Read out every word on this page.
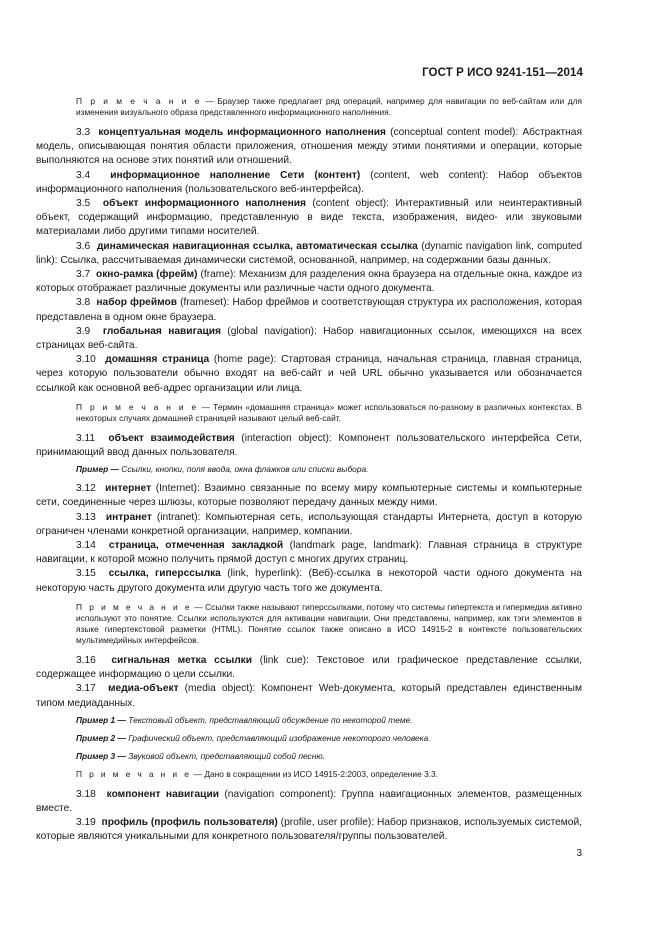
ГОСТ Р ИСО 9241-151—2014

П р и м е ч а н и е — Браузер также предлагает ряд операций, например для навигации по веб-сайтам или для изменения визуального образа представленного информационного наполнения.

3.3 концептуальная модель информационного наполнения (conceptual content model): Абстрактная модель, описывающая понятия области приложения, отношения между этими понятиями и операции, которые выполняются на основе этих понятий или отношений.

3.4 информационное наполнение Сети (контент) (content, web content): Набор объектов информационного наполнения (пользовательского веб-интерфейса).

3.5 объект информационного наполнения (content object): Интерактивный или неинтерактивный объект, содержащий информацию, представленную в виде текста, изображения, видео- или звуковыми материалами либо другими типами носителей.

3.6 динамическая навигационная ссылка, автоматическая ссылка (dynamic navigation link, computed link): Ссылка, рассчитываемая динамически системой, основанной, например, на содержании базы данных.

3.7 окно-рамка (фрейм) (frame): Механизм для разделения окна браузера на отдельные окна, каждое из которых отображает различные документы или различные части одного документа.

3.8 набор фреймов (frameset): Набор фреймов и соответствующая структура их расположения, которая представлена в одном окне браузера.

3.9 глобальная навигация (global navigation): Набор навигационных ссылок, имеющихся на всех страницах веб-сайта.

3.10 домашняя страница (home page): Стартовая страница, начальная страница, главная страница, через которую пользователи обычно входят на веб-сайт и чей URL обычно указывается или обозначается ссылкой как основной веб-адрес организации или лица.

П р и м е ч а н и е — Термин «домашняя страница» может использоваться по-разному в различных контекстах. В некоторых случаях домашней страницей называют целый веб-сайт.

3.11 объект взаимодействия (interaction object): Компонент пользовательского интерфейса Сети, принимающий ввод данных пользователя.

Пример — Ссылки, кнопки, поля ввода, окна флажков или списки выбора.

3.12 интернет (Internet): Взаимно связанные по всему миру компьютерные системы и компьютерные сети, соединенные через шлюзы, которые позволяют передачу данных между ними.

3.13 интранет (intranet): Компьютерная сеть, использующая стандарты Интернета, доступ в которую ограничен членами конкретной организации, например, компании.

3.14 страница, отмеченная закладкой (landmark page, landmark): Главная страница в структуре навигации, к которой можно получить прямой доступ с многих других страниц.

3.15 ссылка, гиперссылка (link, hyperlink): (Веб)-ссылка в некоторой части одного документа на некоторую часть другого документа или другую часть того же документа.

П р и м е ч а н и е — Ссылки также называют гиперссылками, потому что системы гипертекста и гипермедиа активно используют это понятие. Ссылки используются для активации навигации. Они представлены, например, как тэги элементов в языке гипертекстовой разметки (HTML). Понятие ссылок также описано в ИСО 14915-2 в контексте пользовательских мультимедийных интерфейсов.

3.16 сигнальная метка ссылки (link cue): Текстовое или графическое представление ссылки, содержащее информацию о цели ссылки.

3.17 медиа-объект (media object): Компонент Web-документа, который представлен единственным типом медиаданных.

Пример 1 — Текстовый объект, представляющий обсуждение по некоторой теме.

Пример 2 — Графический объект, представляющий изображение некоторого человека.

Пример 3 — Звуковой объект, представляющий собой песню.

П р и м е ч а н и е — Дано в сокращении из ИСО 14915-2:2003, определение 3.3.

3.18 компонент навигации (navigation component): Группа навигационных элементов, размещенных вместе.

3.19 профиль (профиль пользователя) (profile, user profile): Набор признаков, используемых системой, которые являются уникальными для конкретного пользователя/группы пользователей.

3
